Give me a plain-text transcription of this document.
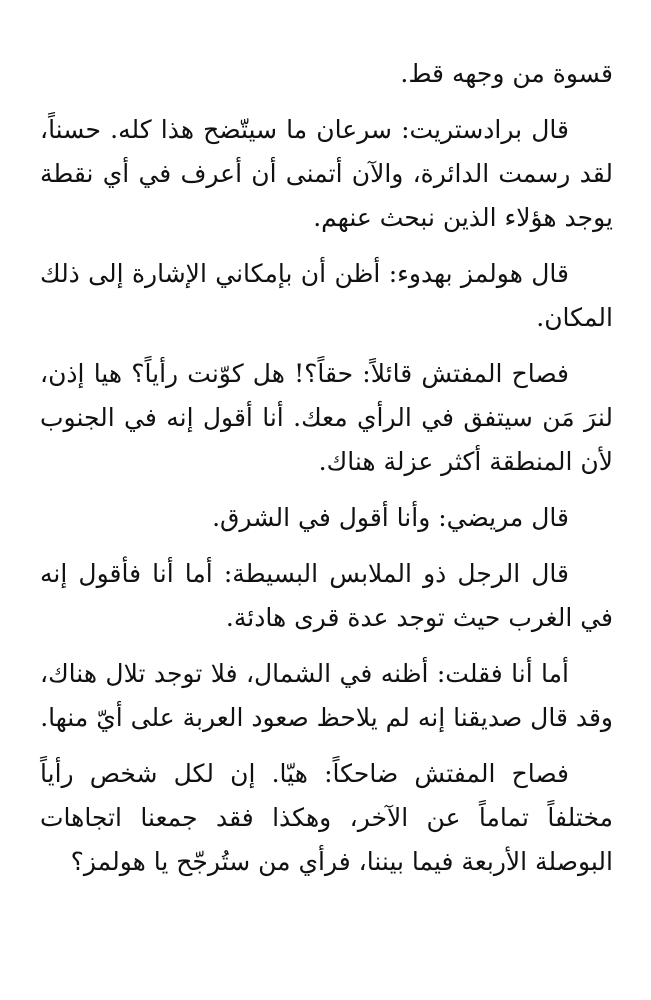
قسوة من وجهه قط.

قال برادستريت: سرعان ما سيتّضح هذا كله. حسناً، لقد رسمت الدائرة، والآن أتمنى أن أعرف في أي نقطة يوجد هؤلاء الذين نبحث عنهم.

قال هولمز بهدوء: أظن أن بإمكاني الإشارة إلى ذلك المكان.

فصاح المفتش قائلاً: حقاً؟! هل كوّنت رأياً؟ هيا إذن، لنرَ مَن سيتفق في الرأي معك. أنا أقول إنه في الجنوب لأن المنطقة أكثر عزلة هناك.

قال مريضي: وأنا أقول في الشرق.

قال الرجل ذو الملابس البسيطة: أما أنا فأقول إنه في الغرب حيث توجد عدة قرى هادئة.

أما أنا فقلت: أظنه في الشمال، فلا توجد تلال هناك، وقد قال صديقنا إنه لم يلاحظ صعود العربة على أيّ منها.

فصاح المفتش ضاحكاً: هيّا. إن لكل شخص رأياً مختلفاً تماماً عن الآخر، وهكذا فقد جمعنا اتجاهات البوصلة الأربعة فيما بيننا، فرأي من ستُرجّح يا هولمز؟
